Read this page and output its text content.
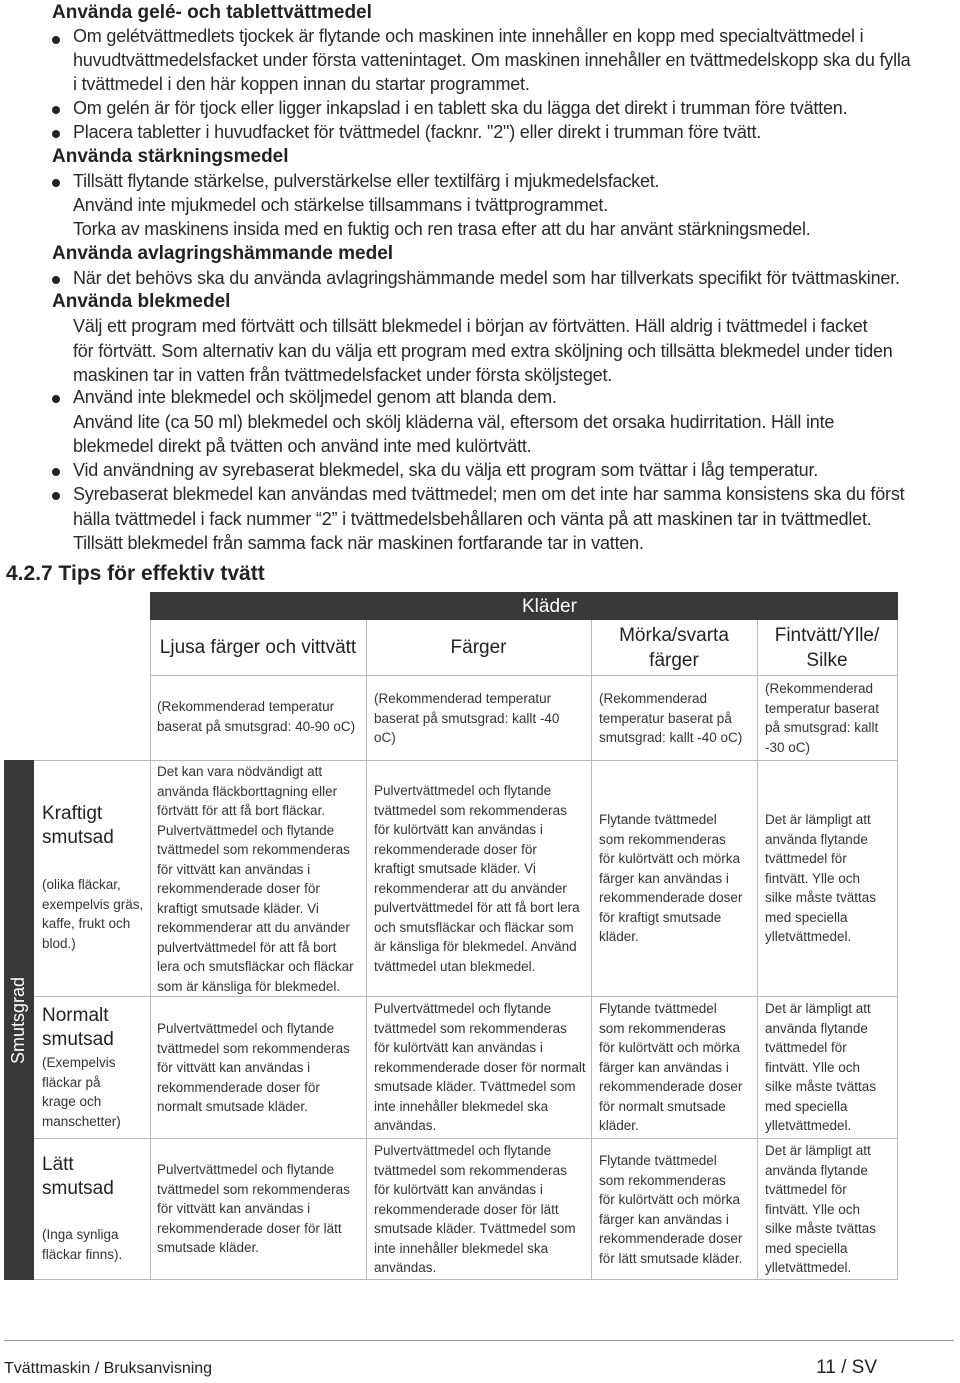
Använda gelé- och tablettvättmedel
Om gelétvättmedlets tjockek är flytande och maskinen inte innehåller en kopp med specialtvättmedel i
huvudtvättmedelsfacket under första vattenintaget. Om maskinen innehåller en tvättmedelskopp ska du fylla
i tvättmedel i den här koppen innan du startar programmet.
Om gelén är för tjock eller ligger inkapslad i en tablett ska du lägga det direkt i trumman före tvätten.
Placera tabletter i huvudfacket för tvättmedel (facknr. "2") eller direkt i trumman före tvätt.
Använda stärkningsmedel
Tillsätt flytande stärkelse, pulverstärkelse eller textilfärg i mjukmedelsfacket.
Använd inte mjukmedel och stärkelse tillsammans i tvättprogrammet.
Torka av maskinens insida med en fuktig och ren trasa efter att du har använt stärkningsmedel.
Använda avlagringshämmande medel
När det behövs ska du använda avlagringshämmande medel som har tillverkats specifikt för tvättmaskiner.
Använda blekmedel
Välj ett program med förtvätt och tillsätt blekmedel i början av förtvätten. Häll aldrig i tvättmedel i facket
för förtvätt. Som alternativ kan du välja ett program med extra sköljning och tillsätta blekmedel under tiden
maskinen tar in vatten från tvättmedelsfacket under första sköljsteget.
Använd inte blekmedel och sköljmedel genom att blanda dem.
Använd lite (ca 50 ml) blekmedel och skölj kläderna väl, eftersom det orsaka hudirritation. Häll inte
blekmedel direkt på tvätten och använd inte med kulörtvätt.
Vid användning av syrebaserat blekmedel, ska du välja ett program som tvättar i låg temperatur.
Syrebaserat blekmedel kan användas med tvättmedel; men om det inte har samma konsistens ska du först
hälla tvättmedel i fack nummer “2” i tvättmedelsbehållaren och vänta på att maskinen tar in tvättmedlet.
Tillsätt blekmedel från samma fack när maskinen fortfarande tar in vatten.
4.2.7 Tips för effektiv tvätt
Kläder
Ljusa färger och vittvätt	Färger
Mörka/svarta
färger
Fintvätt/Ylle/
Silke
(Rekommenderad temperatur
baserat på smutsgrad: 40-90 oC)
(Rekommenderad temperatur
baserat på smutsgrad: kallt -40
oC)
(Rekommenderad
temperatur baserat på
smutsgrad: kallt -40 oC)
(Rekommenderad
temperatur baserat
på smutsgrad: kallt
-30 oC)
Smutsgrad
Kraftigt
smutsad
Normalt
smutsad
Lätt
smutsad
(olika fläckar,
exempelvis gräs,
kaffe, frukt och
blod.)
(Exempelvis
fläckar på
krage och
manschetter)
(Inga synliga
fläckar finns).
Det kan vara nödvändigt att
använda fläckborttagning eller
förtvätt för att få bort fläckar.
Pulvertvättmedel och flytande
tvättmedel som rekommenderas
för vittvätt kan användas i
rekommenderade doser för
kraftigt smutsade kläder. Vi
rekommenderar att du använder
pulvertvättmedel för att få bort
lera och smutsfläckar och fläckar
som är känsliga för blekmedel.
Pulvertvättmedel och flytande
tvättmedel som rekommenderas
för kulörtvätt kan användas i
rekommenderade doser för
kraftigt smutsade kläder. Vi
rekommenderar att du använder
pulvertvättmedel för att få bort lera
och smutsfläckar och fläckar som
är känsliga för blekmedel. Använd
tvättmedel utan blekmedel.
Flytande tvättmedel
som rekommenderas
för kulörtvätt och mörka
färger kan användas i
rekommenderade doser
för kraftigt smutsade
kläder.
Det är lämpligt att
använda flytande
tvättmedel för
fintvätt. Ylle och
silke måste tvättas
med speciella
ylletvättmedel.
Pulvertvättmedel och flytande
tvättmedel som rekommenderas
för vittvätt kan användas i
rekommenderade doser för
normalt smutsade kläder.
Pulvertvättmedel och flytande
tvättmedel som rekommenderas
för kulörtvätt kan användas i
rekommenderade doser för normalt
smutsade kläder. Tvättmedel som
inte innehåller blekmedel ska
användas.
Flytande tvättmedel
som rekommenderas
för kulörtvätt och mörka
färger kan användas i
rekommenderade doser
för normalt smutsade
kläder.
Det är lämpligt att
använda flytande
tvättmedel för
fintvätt. Ylle och
silke måste tvättas
med speciella
ylletvättmedel.
Pulvertvättmedel och flytande
tvättmedel som rekommenderas
för vittvätt kan användas i
rekommenderade doser för lätt
smutsade kläder.
Pulvertvättmedel och flytande
tvättmedel som rekommenderas
för kulörtvätt kan användas i
rekommenderade doser för lätt
smutsade kläder. Tvättmedel som
inte innehåller blekmedel ska
användas.
Flytande tvättmedel
som rekommenderas
för kulörtvätt och mörka
färger kan användas i
rekommenderade doser
för lätt smutsade kläder.
Det är lämpligt att
använda flytande
tvättmedel för
fintvätt. Ylle och
silke måste tvättas
med speciella
ylletvättmedel.
Tvättmaskin / Bruksanvisning	11 / SV
